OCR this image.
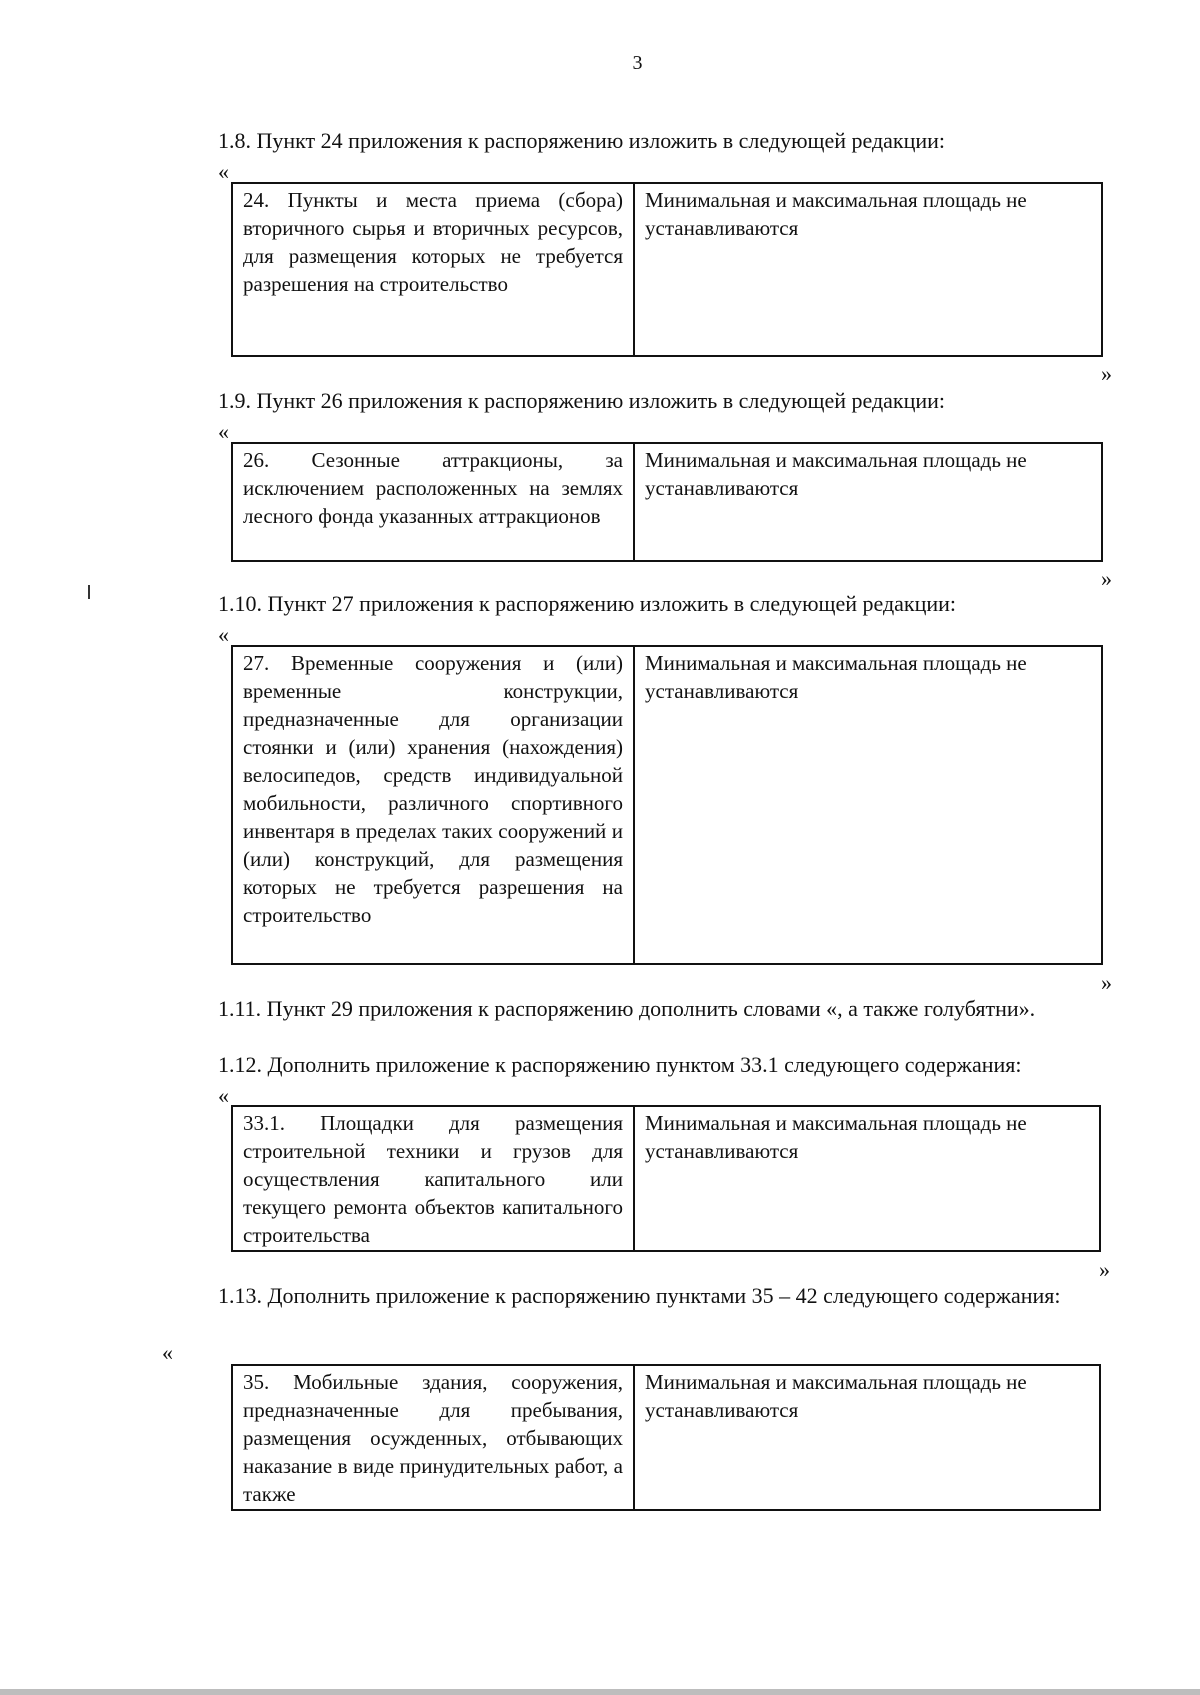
3
1.8. Пункт 24 приложения к распоряжению изложить в следующей редакции:
«
24. Пункты и места приема (сбора) вторичного сырья и вторичных ресурсов, для размещения которых не требуется разрешения на строительство	Минимальная и максимальная площадь не устанавливаются
»
1.9. Пункт 26 приложения к распоряжению изложить в следующей редакции:
«
26. Сезонные аттракционы, за исключением расположенных на землях лесного фонда указанных аттракционов	Минимальная и максимальная площадь не устанавливаются
»
1.10. Пункт 27 приложения к распоряжению изложить в следующей редакции:
«
27. Временные сооружения и (или) временные конструкции, предназначенные для организации стоянки и (или) хранения (нахождения) велосипедов, средств индивидуальной мобильности, различного спортивного инвентаря в пределах таких сооружений и (или) конструкций, для размещения которых не требуется разрешения на строительство	Минимальная и максимальная площадь не устанавливаются
»
1.11. Пункт 29 приложения к распоряжению дополнить словами «, а также голубятни».
1.12. Дополнить приложение к распоряжению пунктом 33.1 следующего содержания:
«
33.1. Площадки для размещения строительной техники и грузов для осуществления капитального или текущего ремонта объектов капитального строительства	Минимальная и максимальная площадь не устанавливаются
»
1.13. Дополнить приложение к распоряжению пунктами 35 – 42 следующего содержания:
«
35. Мобильные здания, сооружения, предназначенные для пребывания, размещения осужденных, отбывающих наказание в виде принудительных работ, а также	Минимальная и максимальная площадь не устанавливаются
